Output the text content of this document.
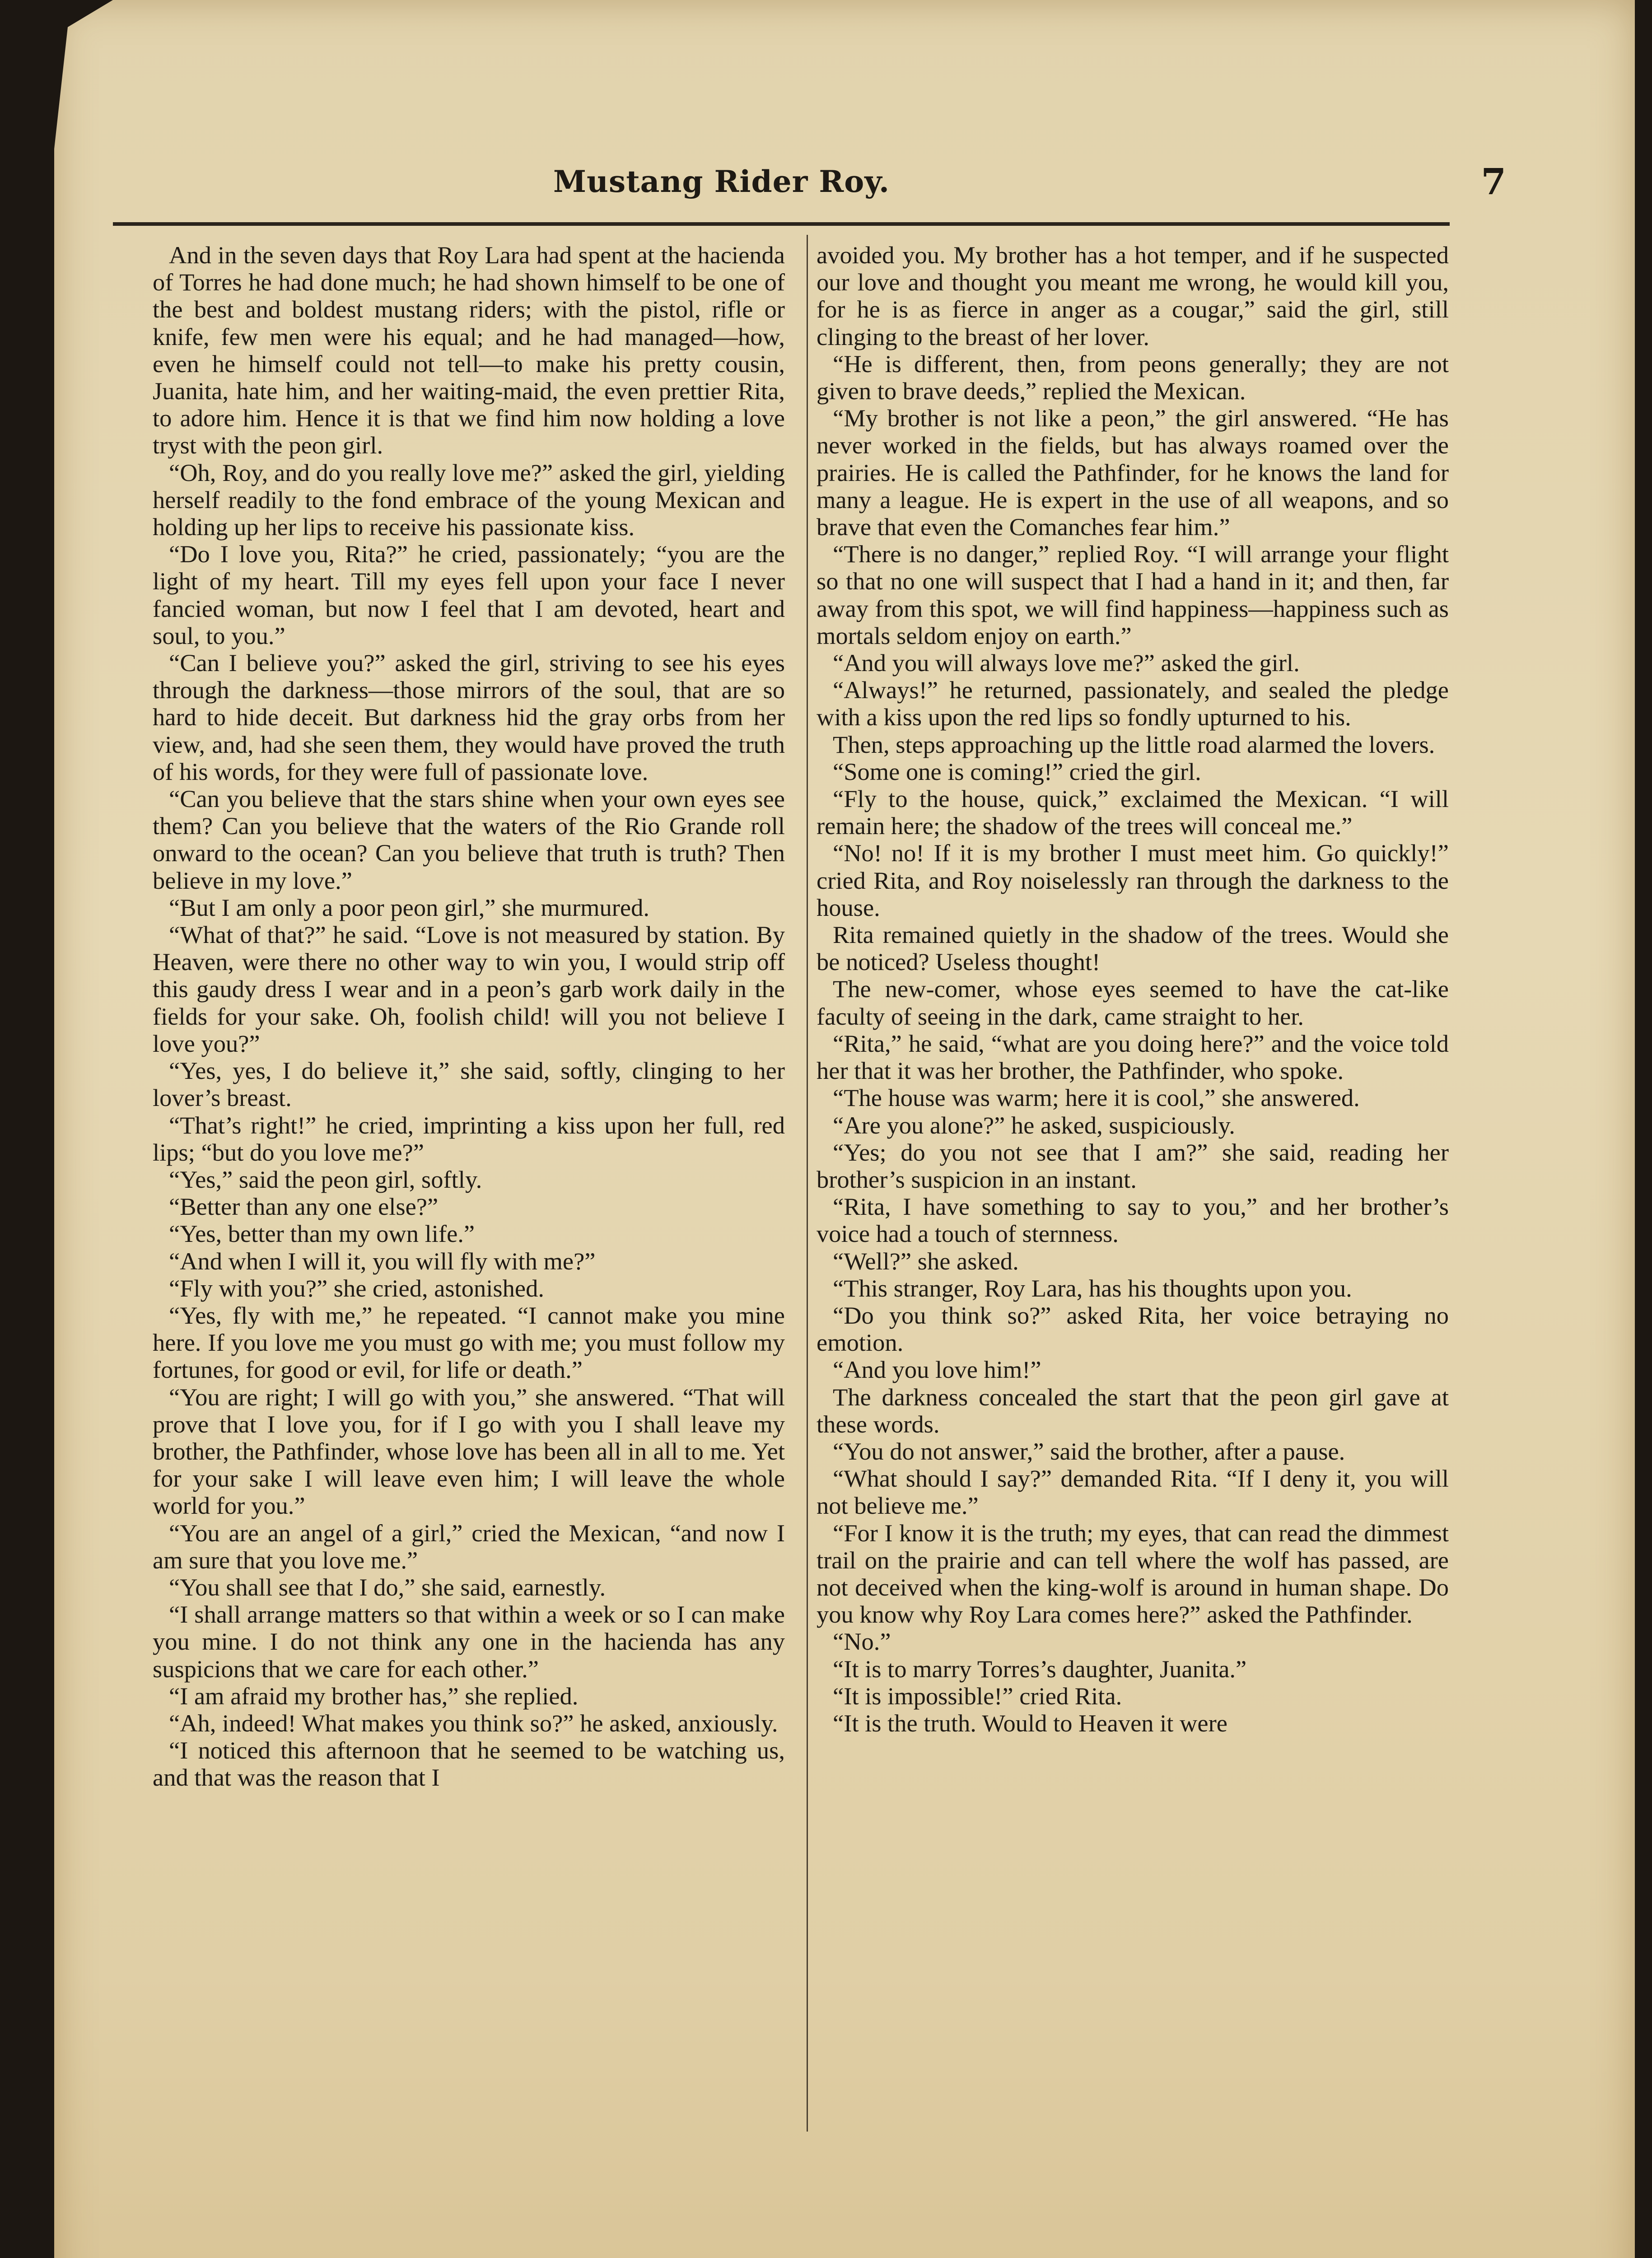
Mustang Rider Roy.	7

And in the seven days that Roy Lara had spent at the hacienda of Torres he had done much; he had shown himself to be one of the best and boldest mustang riders; with the pistol, rifle or knife, few men were his equal; and he had managed—how, even he himself could not tell—to make his pretty cousin, Juanita, hate him, and her waiting-maid, the even prettier Rita, to adore him. Hence it is that we find him now holding a love tryst with the peon girl.

“Oh, Roy, and do you really love me?” asked the girl, yielding herself readily to the fond embrace of the young Mexican and holding up her lips to receive his passionate kiss.

“Do I love you, Rita?” he cried, passionately; “you are the light of my heart. Till my eyes fell upon your face I never fancied woman, but now I feel that I am devoted, heart and soul, to you.”

“Can I believe you?” asked the girl, striving to see his eyes through the darkness—those mirrors of the soul, that are so hard to hide deceit. But darkness hid the gray orbs from her view, and, had she seen them, they would have proved the truth of his words, for they were full of passionate love.

“Can you believe that the stars shine when your own eyes see them? Can you believe that the waters of the Rio Grande roll onward to the ocean? Can you believe that truth is truth? Then believe in my love.”

“But I am only a poor peon girl,” she murmured.

“What of that?” he said. “Love is not measured by station. By Heaven, were there no other way to win you, I would strip off this gaudy dress I wear and in a peon’s garb work daily in the fields for your sake. Oh, foolish child! will you not believe I love you?”

“Yes, yes, I do believe it,” she said, softly, clinging to her lover’s breast.

“That’s right!” he cried, imprinting a kiss upon her full, red lips; “but do you love me?”

“Yes,” said the peon girl, softly.

“Better than any one else?”

“Yes, better than my own life.”

“And when I will it, you will fly with me?”

“Fly with you?” she cried, astonished.

“Yes, fly with me,” he repeated. “I cannot make you mine here. If you love me you must go with me; you must follow my fortunes, for good or evil, for life or death.”

“You are right; I will go with you,” she answered. “That will prove that I love you, for if I go with you I shall leave my brother, the Pathfinder, whose love has been all in all to me. Yet for your sake I will leave even him; I will leave the whole world for you.”

“You are an angel of a girl,” cried the Mexican, “and now I am sure that you love me.”

“You shall see that I do,” she said, earnestly.

“I shall arrange matters so that within a week or so I can make you mine. I do not think any one in the hacienda has any suspicions that we care for each other.”

“I am afraid my brother has,” she replied.

“Ah, indeed! What makes you think so?” he asked, anxiously.

“I noticed this afternoon that he seemed to be watching us, and that was the reason that I

avoided you. My brother has a hot temper, and if he suspected our love and thought you meant me wrong, he would kill you, for he is as fierce in anger as a cougar,” said the girl, still clinging to the breast of her lover.

“He is different, then, from peons generally; they are not given to brave deeds,” replied the Mexican.

“My brother is not like a peon,” the girl answered. “He has never worked in the fields, but has always roamed over the prairies. He is called the Pathfinder, for he knows the land for many a league. He is expert in the use of all weapons, and so brave that even the Comanches fear him.”

“There is no danger,” replied Roy. “I will arrange your flight so that no one will suspect that I had a hand in it; and then, far away from this spot, we will find happiness—happiness such as mortals seldom enjoy on earth.”

“And you will always love me?” asked the girl.

“Always!” he returned, passionately, and sealed the pledge with a kiss upon the red lips so fondly upturned to his.

Then, steps approaching up the little road alarmed the lovers.

“Some one is coming!” cried the girl.

“Fly to the house, quick,” exclaimed the Mexican. “I will remain here; the shadow of the trees will conceal me.”

“No! no! If it is my brother I must meet him. Go quickly!” cried Rita, and Roy noiselessly ran through the darkness to the house.

Rita remained quietly in the shadow of the trees. Would she be noticed? Useless thought!

The new-comer, whose eyes seemed to have the cat-like faculty of seeing in the dark, came straight to her.

“Rita,” he said, “what are you doing here?” and the voice told her that it was her brother, the Pathfinder, who spoke.

“The house was warm; here it is cool,” she answered.

“Are you alone?” he asked, suspiciously.

“Yes; do you not see that I am?” she said, reading her brother’s suspicion in an instant.

“Rita, I have something to say to you,” and her brother’s voice had a touch of sternness.

“Well?” she asked.

“This stranger, Roy Lara, has his thoughts upon you.

“Do you think so?” asked Rita, her voice betraying no emotion.

“And you love him!”

The darkness concealed the start that the peon girl gave at these words.

“You do not answer,” said the brother, after a pause.

“What should I say?” demanded Rita. “If I deny it, you will not believe me.”

“For I know it is the truth; my eyes, that can read the dimmest trail on the prairie and can tell where the wolf has passed, are not deceived when the king-wolf is around in human shape. Do you know why Roy Lara comes here?” asked the Pathfinder.

“No.”

“It is to marry Torres’s daughter, Juanita.”

“It is impossible!” cried Rita.

“It is the truth. Would to Heaven it were
